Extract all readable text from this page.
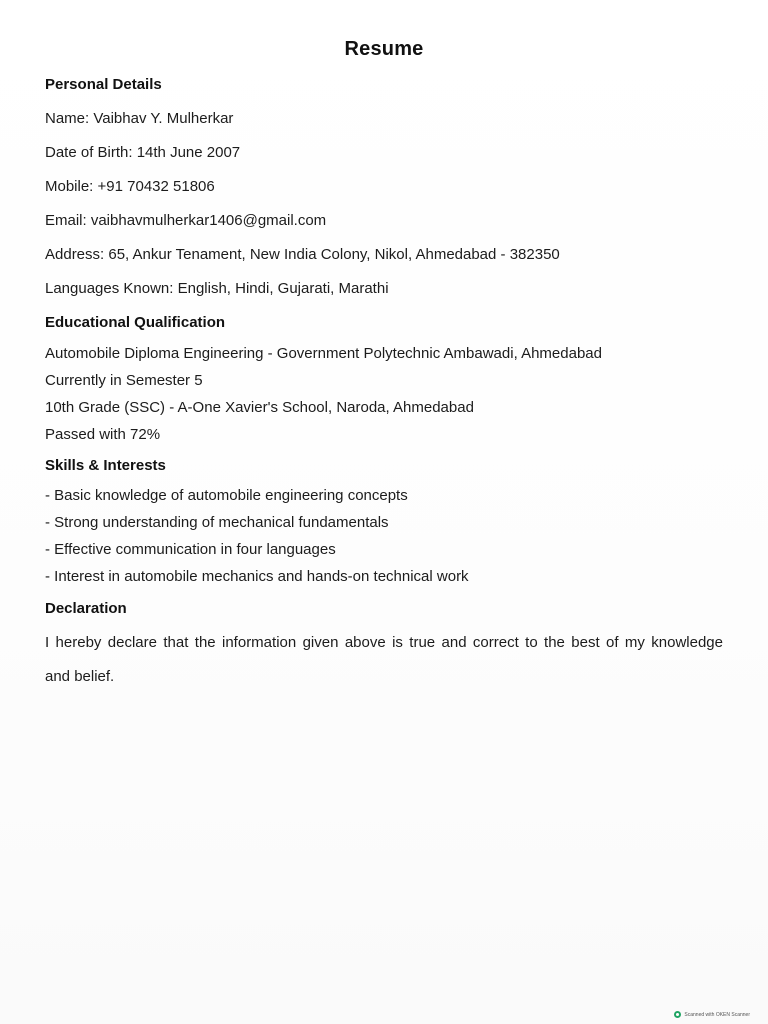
Resume
Personal Details
Name: Vaibhav Y. Mulherkar
Date of Birth: 14th June 2007
Mobile: +91 70432 51806
Email: vaibhavmulherkar1406@gmail.com
Address: 65, Ankur Tenament, New India Colony, Nikol, Ahmedabad - 382350
Languages Known: English, Hindi, Gujarati, Marathi
Educational Qualification
Automobile Diploma Engineering - Government Polytechnic Ambawadi, Ahmedabad
Currently in Semester 5
10th Grade (SSC) - A-One Xavier's School, Naroda, Ahmedabad
Passed with 72%
Skills & Interests
- Basic knowledge of automobile engineering concepts
- Strong understanding of mechanical fundamentals
- Effective communication in four languages
- Interest in automobile mechanics and hands-on technical work
Declaration
I hereby declare that the information given above is true and correct to the best of my knowledge
and belief.
Scanned with OKEN Scanner
